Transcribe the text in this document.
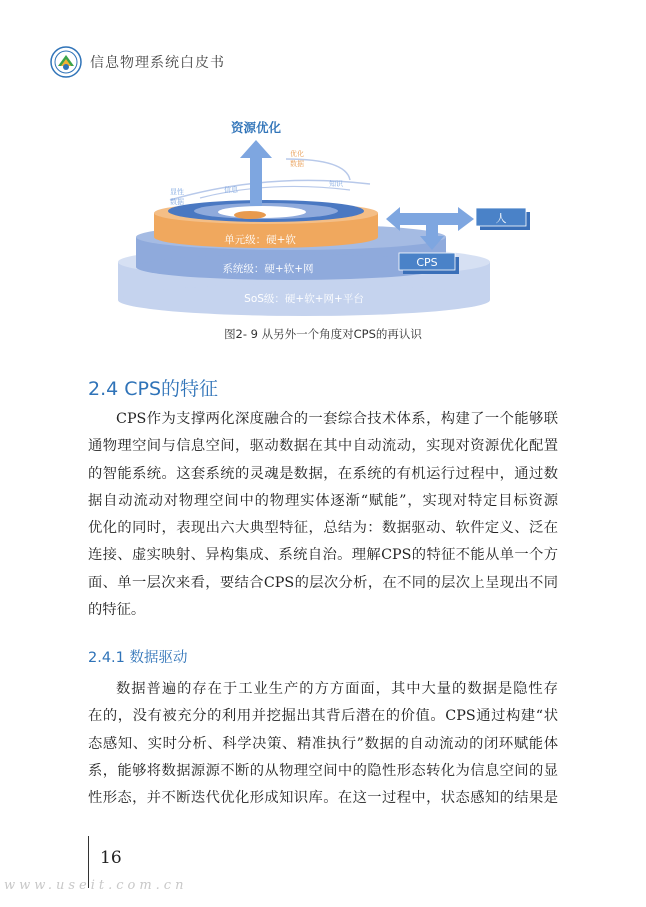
信息物理系统白皮书
SoS级：硬+软+网+平台
系统级：硬+软+网
单元级：硬+软
资源优化
优化
数据
知识
显性
数据
信息
人
CPS
图2- 9 从另外一个角度对CPS的再认识
2.4 CPS的特征
CPS作为支撑两化深度融合的一套综合技术体系，构建了一个能够联
通物理空间与信息空间，驱动数据在其中自动流动，实现对资源优化配置
的智能系统。这套系统的灵魂是数据，在系统的有机运行过程中，通过数
据自动流动对物理空间中的物理实体逐渐“赋能”，实现对特定目标资源
优化的同时，表现出六大典型特征，总结为：数据驱动、软件定义、泛在
连接、虚实映射、异构集成、系统自治。理解CPS的特征不能从单一个方
面、单一层次来看，要结合CPS的层次分析，在不同的层次上呈现出不同
的特征。
2.4.1 数据驱动
数据普遍的存在于工业生产的方方面面，其中大量的数据是隐性存
在的，没有被充分的利用并挖掘出其背后潜在的价值。CPS通过构建“状
态感知、实时分析、科学决策、精准执行”数据的自动流动的闭环赋能体
系，能够将数据源源不断的从物理空间中的隐性形态转化为信息空间的显
性形态，并不断迭代优化形成知识库。在这一过程中，状态感知的结果是
16
www.useit.com.cn
